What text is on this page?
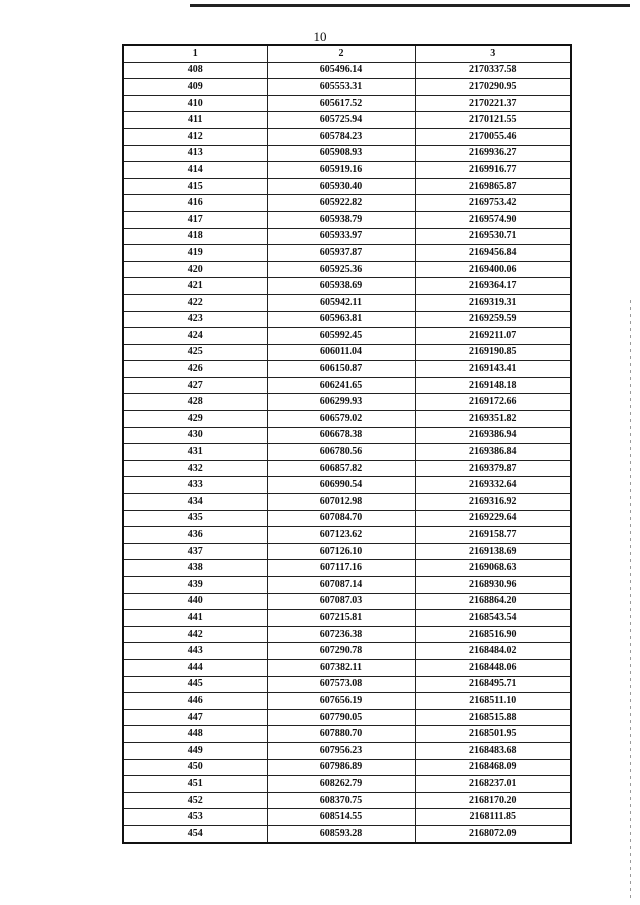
10
1	2	3
408	605496.14	2170337.58
409	605553.31	2170290.95
410	605617.52	2170221.37
411	605725.94	2170121.55
412	605784.23	2170055.46
413	605908.93	2169936.27
414	605919.16	2169916.77
415	605930.40	2169865.87
416	605922.82	2169753.42
417	605938.79	2169574.90
418	605933.97	2169530.71
419	605937.87	2169456.84
420	605925.36	2169400.06
421	605938.69	2169364.17
422	605942.11	2169319.31
423	605963.81	2169259.59
424	605992.45	2169211.07
425	606011.04	2169190.85
426	606150.87	2169143.41
427	606241.65	2169148.18
428	606299.93	2169172.66
429	606579.02	2169351.82
430	606678.38	2169386.94
431	606780.56	2169386.84
432	606857.82	2169379.87
433	606990.54	2169332.64
434	607012.98	2169316.92
435	607084.70	2169229.64
436	607123.62	2169158.77
437	607126.10	2169138.69
438	607117.16	2169068.63
439	607087.14	2168930.96
440	607087.03	2168864.20
441	607215.81	2168543.54
442	607236.38	2168516.90
443	607290.78	2168484.02
444	607382.11	2168448.06
445	607573.08	2168495.71
446	607656.19	2168511.10
447	607790.05	2168515.88
448	607880.70	2168501.95
449	607956.23	2168483.68
450	607986.89	2168468.09
451	608262.79	2168237.01
452	608370.75	2168170.20
453	608514.55	2168111.85
454	608593.28	2168072.09
